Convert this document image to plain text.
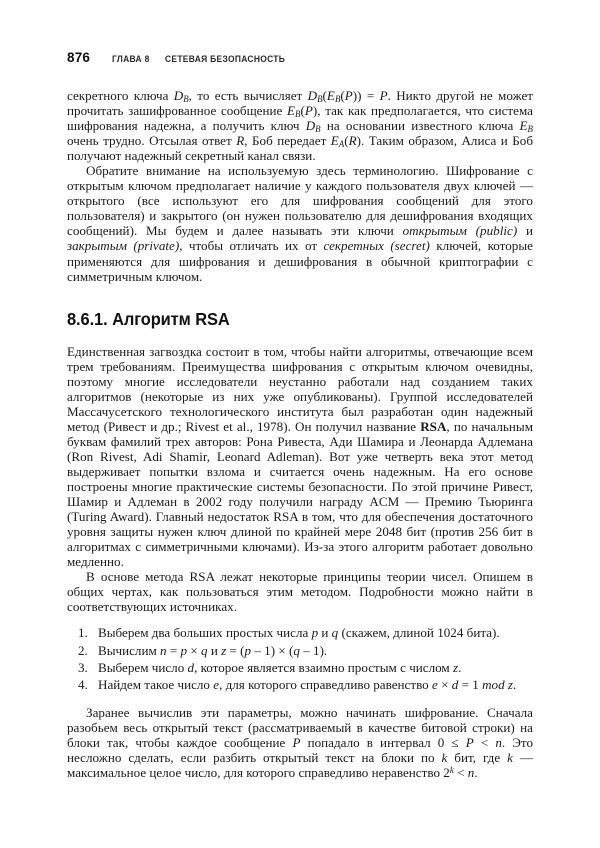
876 ГЛАВА 8 СЕТЕВАЯ БЕЗОПАСНОСТЬ

секретного ключа $D_B$, то есть вычисляет $D_B(E_B(P)) = P$. Никто другой не может прочитать зашифрованное сообщение $E_B(P)$, так как предполагается, что система шифрования надежна, а получить ключ $D_B$ на основании известного ключа $E_B$ очень трудно. Отсылая ответ R, Боб передает $E_A(R)$. Таким образом, Алиса и Боб получают надежный секретный канал связи.

Обратите внимание на используемую здесь терминологию. Шифрование с открытым ключом предполагает наличие у каждого пользователя двух ключей — открытого (все используют его для шифрования сообщений для этого пользователя) и закрытого (он нужен пользователю для дешифрования входящих сообщений). Мы будем и далее называть эти ключи открытым (public) и закрытым (private), чтобы отличать их от секретных (secret) ключей, которые применяются для шифрования и дешифрования в обычной криптографии с симметричным ключом.

8.6.1. Алгоритм RSA

Единственная загвоздка состоит в том, чтобы найти алгоритмы, отвечающие всем трем требованиям. Преимущества шифрования с открытым ключом очевидны, поэтому многие исследователи неустанно работали над созданием таких алгоритмов (некоторые из них уже опубликованы). Группой исследователей Массачусетского технологического института был разработан один надежный метод (Ривест и др.; Rivest et al., 1978). Он получил название RSA, по начальным буквам фамилий трех авторов: Рона Ривеста, Ади Шамира и Леонарда Адлемана (Ron Rivest, Adi Shamir, Leonard Adleman). Вот уже четверть века этот метод выдерживает попытки взлома и считается очень надежным. На его основе построены многие практические системы безопасности. По этой причине Ривест, Шамир и Адлеман в 2002 году получили награду ACM — Премию Тьюринга (Turing Award). Главный недостаток RSA в том, что для обеспечения достаточного уровня защиты нужен ключ длиной по крайней мере 2048 бит (против 256 бит в алгоритмах с симметричными ключами). Из-за этого алгоритм работает довольно медленно.

В основе метода RSA лежат некоторые принципы теории чисел. Опишем в общих чертах, как пользоваться этим методом. Подробности можно найти в соответствующих источниках.

1. Выберем два больших простых числа p и q (скажем, длиной 1024 бита).
2. Вычислим n = p × q и z = (p – 1) × (q – 1).
3. Выберем число d, которое является взаимно простым с числом z.
4. Найдем такое число e, для которого справедливо равенство e × d = 1 mod z.

Заранее вычислив эти параметры, можно начинать шифрование. Сначала разобьем весь открытый текст (рассматриваемый в качестве битовой строки) на блоки так, чтобы каждое сообщение P попадало в интервал 0 ≤ P < n. Это несложно сделать, если разбить открытый текст на блоки по k бит, где k — максимальное целое число, для которого справедливо неравенство $2^k < n$.
